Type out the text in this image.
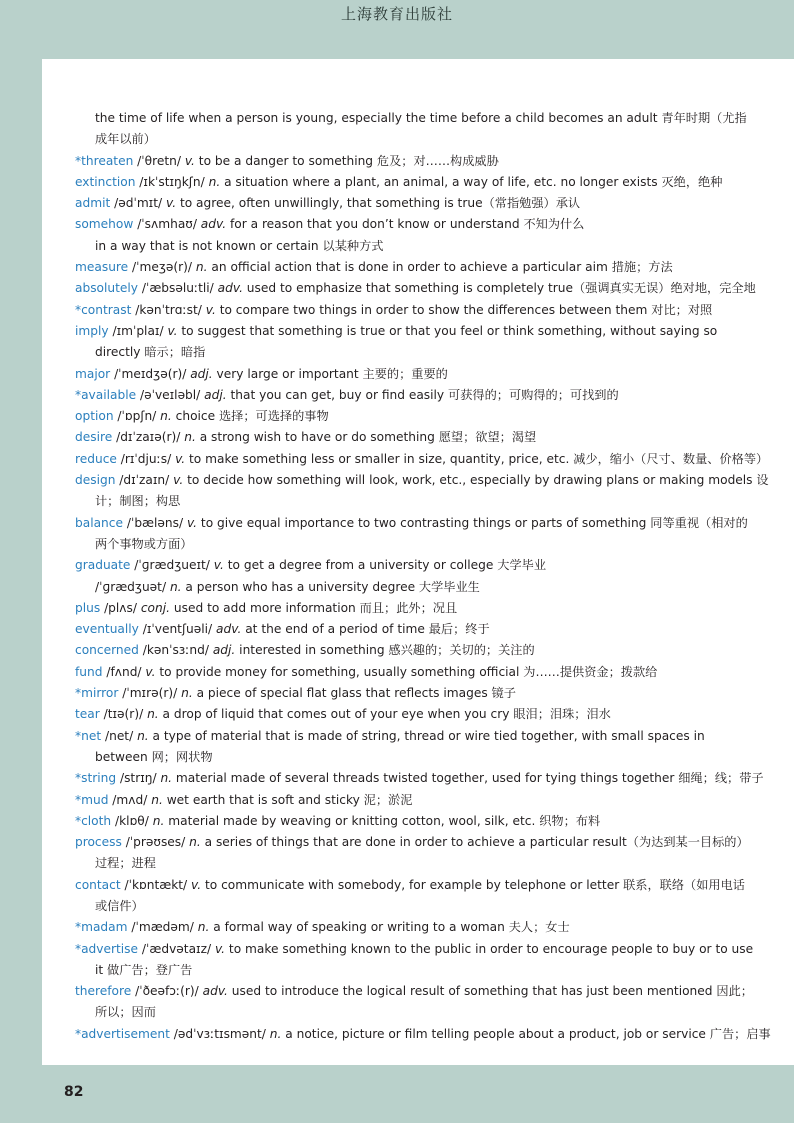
上海教育出版社
the time of life when a person is young, especially the time before a child becomes an adult 青年时期（尤指
成年以前）
*threaten /ˈθretn/ v. to be a danger to something 危及；对……构成威胁
extinction /ɪkˈstɪŋkʃn/ n. a situation where a plant, an animal, a way of life, etc. no longer exists 灭绝，绝种
admit /ədˈmɪt/ v. to agree, often unwillingly, that something is true（常指勉强）承认
somehow /ˈsʌmhaʊ/ adv. for a reason that you don’t know or understand 不知为什么
in a way that is not known or certain 以某种方式
measure /ˈmeʒə(r)/ n. an official action that is done in order to achieve a particular aim 措施；方法
absolutely /ˈæbsəluːtli/ adv. used to emphasize that something is completely true（强调真实无误）绝对地，完全地
*contrast /kənˈtrɑːst/ v. to compare two things in order to show the differences between them 对比；对照
imply /ɪmˈplaɪ/ v. to suggest that something is true or that you feel or think something, without saying so
directly 暗示；暗指
major /ˈmeɪdʒə(r)/ adj. very large or important 主要的；重要的
*available /əˈveɪləbl/ adj. that you can get, buy or find easily 可获得的；可购得的；可找到的
option /ˈɒpʃn/ n. choice 选择；可选择的事物
desire /dɪˈzaɪə(r)/ n. a strong wish to have or do something 愿望；欲望；渴望
reduce /rɪˈdjuːs/ v. to make something less or smaller in size, quantity, price, etc. 减少，缩小（尺寸、数量、价格等）
design /dɪˈzaɪn/ v. to decide how something will look, work, etc., especially by drawing plans or making models 设
计；制图；构思
balance /ˈbæləns/ v. to give equal importance to two contrasting things or parts of something 同等重视（相对的
两个事物或方面）
graduate /ˈɡrædʒueɪt/ v. to get a degree from a university or college 大学毕业
/ˈɡrædʒuət/ n. a person who has a university degree 大学毕业生
plus /plʌs/ conj. used to add more information 而且；此外；况且
eventually /ɪˈventʃuəli/ adv. at the end of a period of time 最后；终于
concerned /kənˈsɜːnd/ adj. interested in something 感兴趣的；关切的；关注的
fund /fʌnd/ v. to provide money for something, usually something official 为……提供资金；拨款给
*mirror /ˈmɪrə(r)/ n. a piece of special flat glass that reflects images 镜子
tear /tɪə(r)/ n. a drop of liquid that comes out of your eye when you cry 眼泪；泪珠；泪水
*net /net/ n. a type of material that is made of string, thread or wire tied together, with small spaces in
between 网；网状物
*string /strɪŋ/ n. material made of several threads twisted together, used for tying things together 细绳；线；带子
*mud /mʌd/ n. wet earth that is soft and sticky 泥；淤泥
*cloth /klɒθ/ n. material made by weaving or knitting cotton, wool, silk, etc. 织物；布料
process /ˈprəʊses/ n. a series of things that are done in order to achieve a particular result（为达到某一目标的）
过程；进程
contact /ˈkɒntækt/ v. to communicate with somebody, for example by telephone or letter 联系，联络（如用电话
或信件）
*madam /ˈmædəm/ n. a formal way of speaking or writing to a woman 夫人；女士
*advertise /ˈædvətaɪz/ v. to make something known to the public in order to encourage people to buy or to use
it 做广告；登广告
therefore /ˈðeəfɔː(r)/ adv. used to introduce the logical result of something that has just been mentioned 因此；
所以；因而
*advertisement /ədˈvɜːtɪsmənt/ n. a notice, picture or film telling people about a product, job or service 广告；启事
82
